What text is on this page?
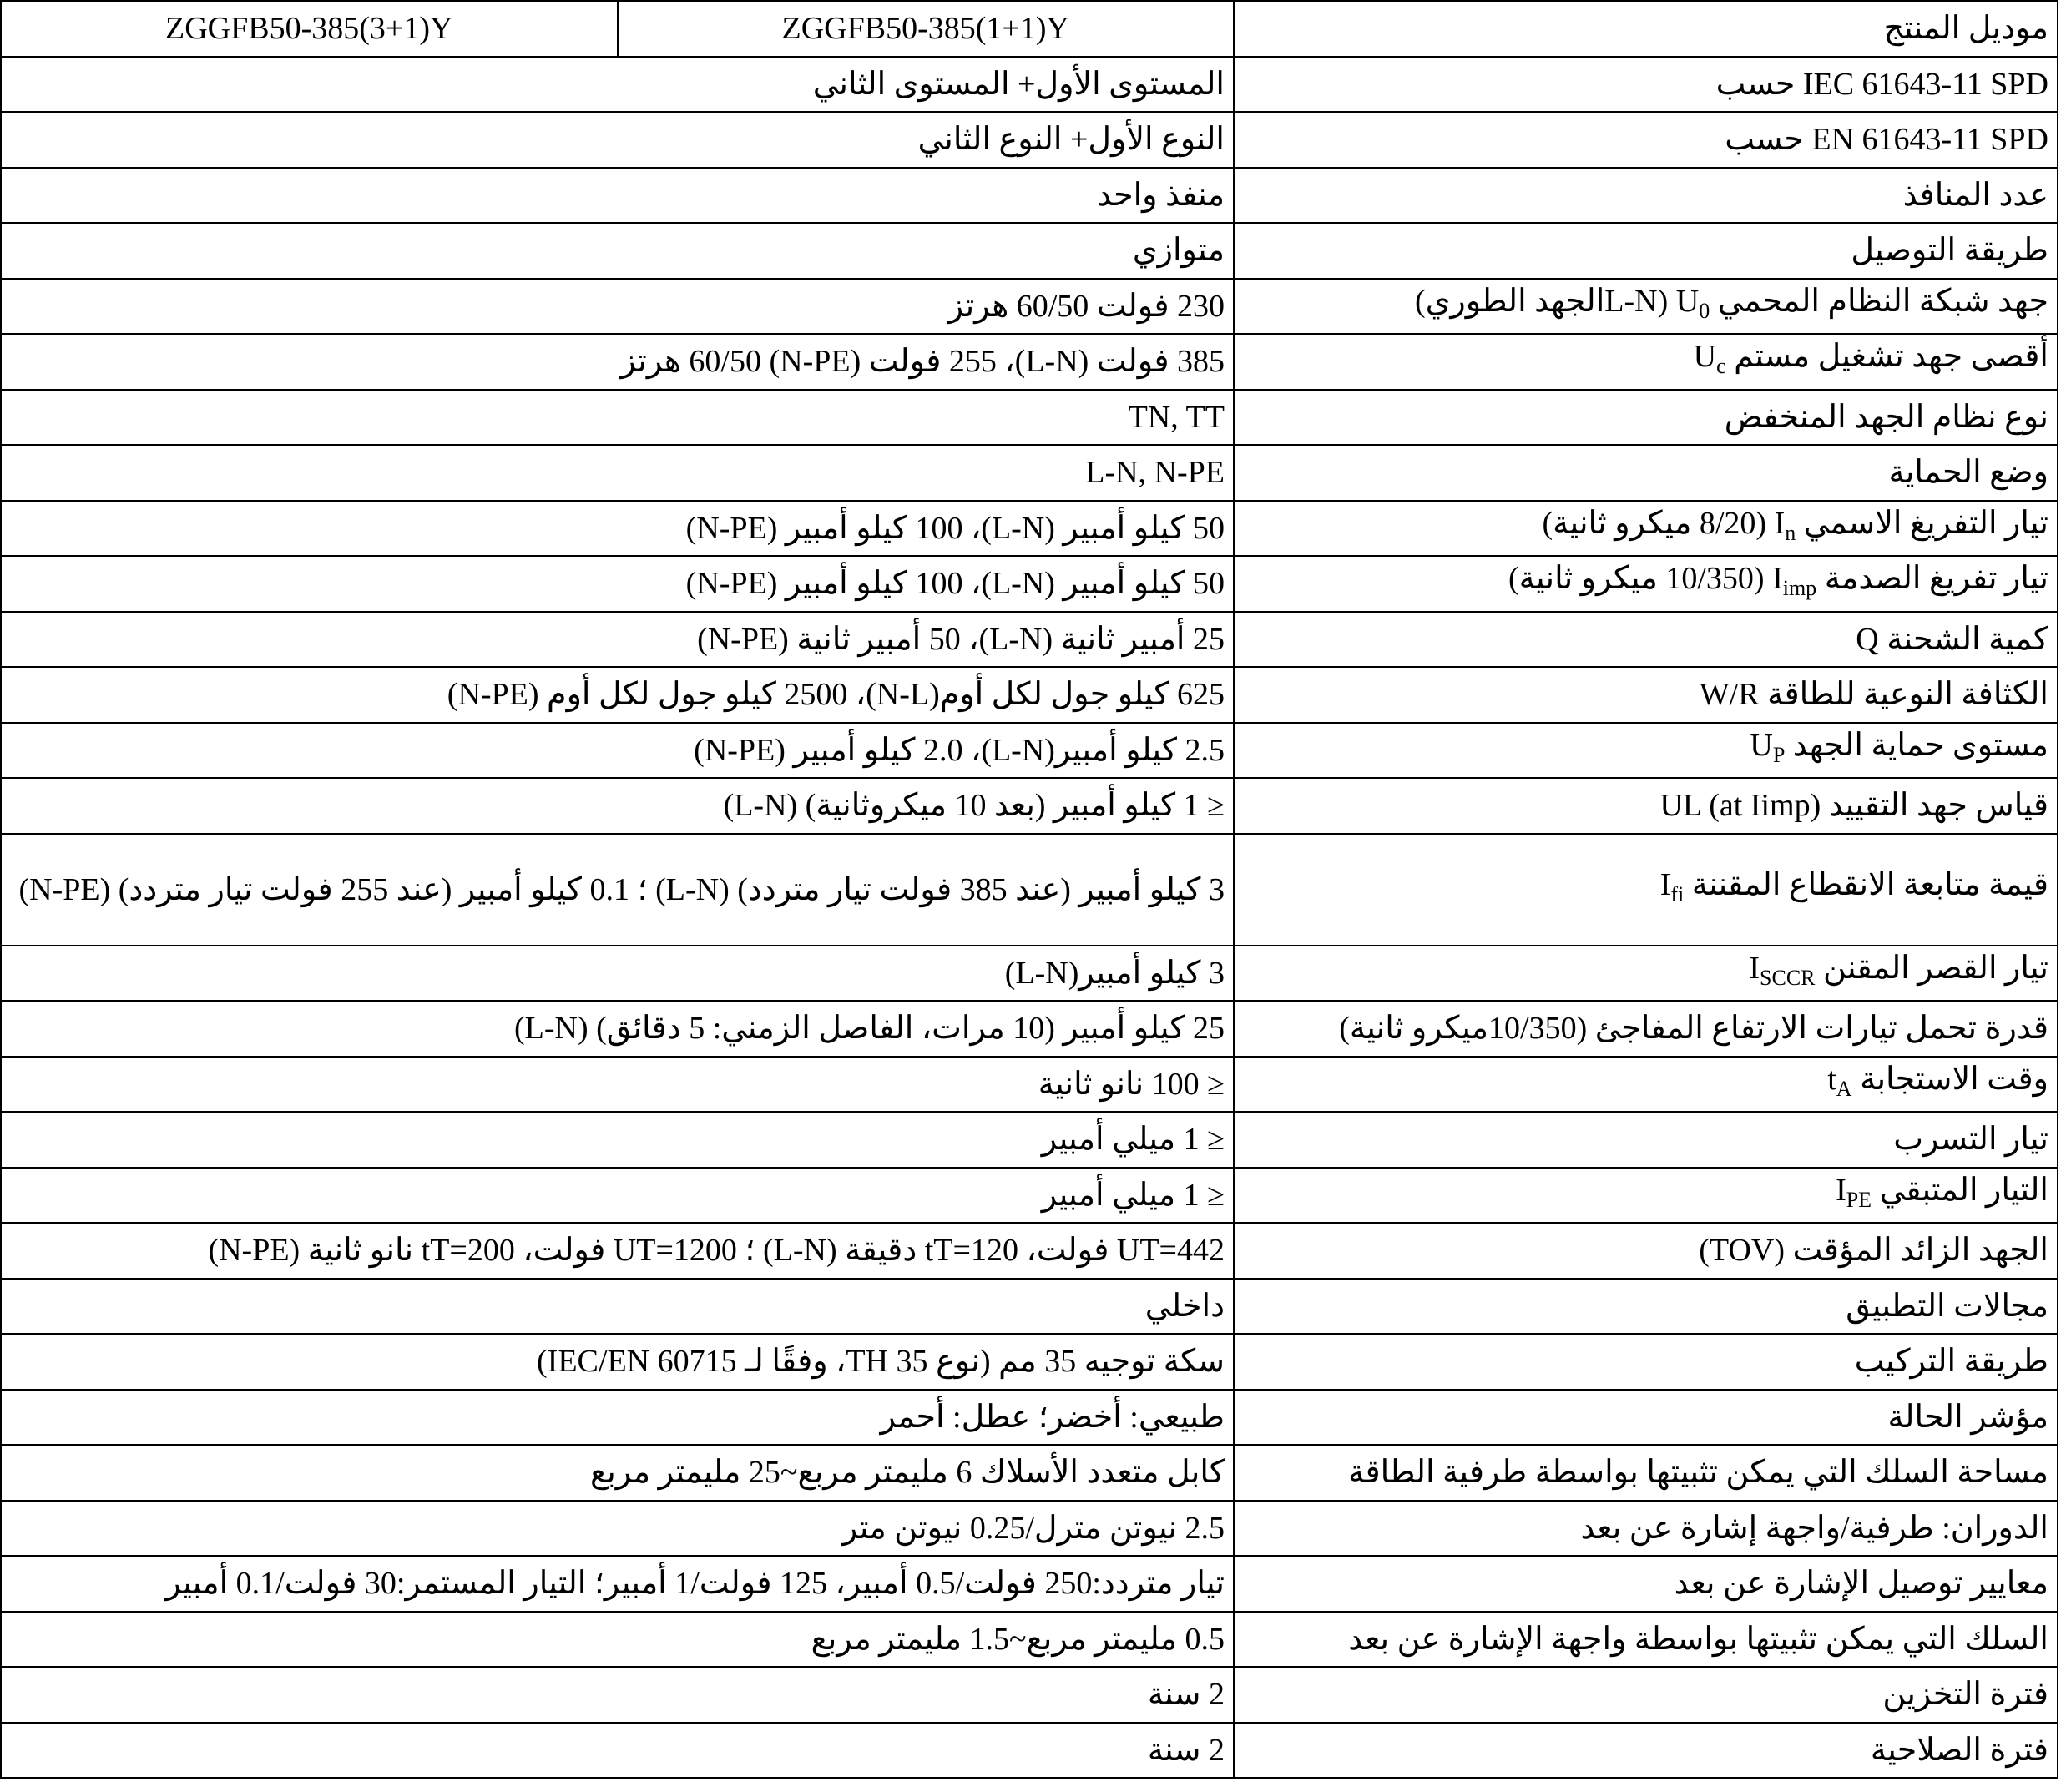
موديل المنتج	ZGGFB50-385(1+1)Y	ZGGFB50-385(3+1)Y
IEC 61643-11 SPD حسب	المستوى الأول+ المستوى الثاني	
EN 61643-11 SPD حسب	النوع الأول+ النوع الثاني	
عدد المنافذ	منفذ واحد	
طريقة التوصيل	متوازي	
جهد شبكة النظام المحمي $U_0$ (L-Nالجهد الطوري)	230 فولت 60/50 هرتز	
أقصى جهد تشغيل مستم $U_c$	385 فولت (L-N)، 255 فولت (N-PE) 60/50 هرتز	
نوع نظام الجهد المنخفض	TN, TT	
وضع الحماية	L-N, N-PE	
تيار التفريغ الاسمي $I_n$ (8/20 ميكرو ثانية)	50 كيلو أمبير (L-N)، 100 كيلو أمبير (N-PE)	
تيار تفريغ الصدمة $I_{imp}$ (10/350 ميكرو ثانية)	50 كيلو أمبير (L-N)، 100 كيلو أمبير (N-PE)	
كمية الشحنة Q	25 أمبير ثانية (L-N)، 50 أمبير ثانية (N-PE)	
الكثافة النوعية للطاقة W/R	625 كيلو جول لكل أوم(N-L)، 2500 كيلو جول لكل أوم (N-PE)	
مستوى حماية الجهد $U_P$	2.5 كيلو أمبير(L-N)، 2.0 كيلو أمبير (N-PE)	
قياس جهد التقييد UL (at Iimp)	≤ 1 كيلو أمبير (بعد 10 ميكروثانية) (L-N)	
قيمة متابعة الانقطاع المقننة $I_{fi}$	3 كيلو أمبير (عند 385 فولت تيار متردد) (L-N) ؛ 0.1 كيلو أمبير (عند 255 فولت تيار متردد) (N-PE)	
تيار القصر المقنن $I_{SCCR}$	3 كيلو أمبير(L-N)	
قدرة تحمل تيارات الارتفاع المفاجئ (10/350ميكرو ثانية)	25 كيلو أمبير (10 مرات، الفاصل الزمني: 5 دقائق) (L-N)	
وقت الاستجابة $t_A$	≤ 100 نانو ثانية	
تيار التسرب	≤ 1 ميلي أمبير	
التيار المتبقي $I_{PE}$	≤ 1 ميلي أمبير	
الجهد الزائد المؤقت (TOV)	UT=442 فولت، tT=120 دقيقة (L-N) ؛ UT=1200 فولت، tT=200 نانو ثانية (N-PE)	
مجالات التطبيق	داخلي	
طريقة التركيب	سكة توجيه 35 مم (نوع TH 35، وفقًا لـ IEC/EN 60715)	
مؤشر الحالة	طبيعي: أخضر؛ عطل: أحمر	
مساحة السلك التي يمكن تثبيتها بواسطة طرفية الطاقة	كابل متعدد الأسلاك 6 مليمتر مربع~25 مليمتر مربع	
الدوران: طرفية/واجهة إشارة عن بعد	2.5 نيوتن مترل/0.25 نيوتن متر	
معايير توصيل الإشارة عن بعد	تيار متردد:250 فولت/0.5 أمبير، 125 فولت/1 أمبير؛ التيار المستمر:30 فولت/0.1 أمبير	
السلك التي يمكن تثبيتها بواسطة واجهة الإشارة عن بعد	0.5 مليمتر مربع~1.5 مليمتر مربع	
فترة التخزين	2 سنة	
فترة الصلاحية	2 سنة	
